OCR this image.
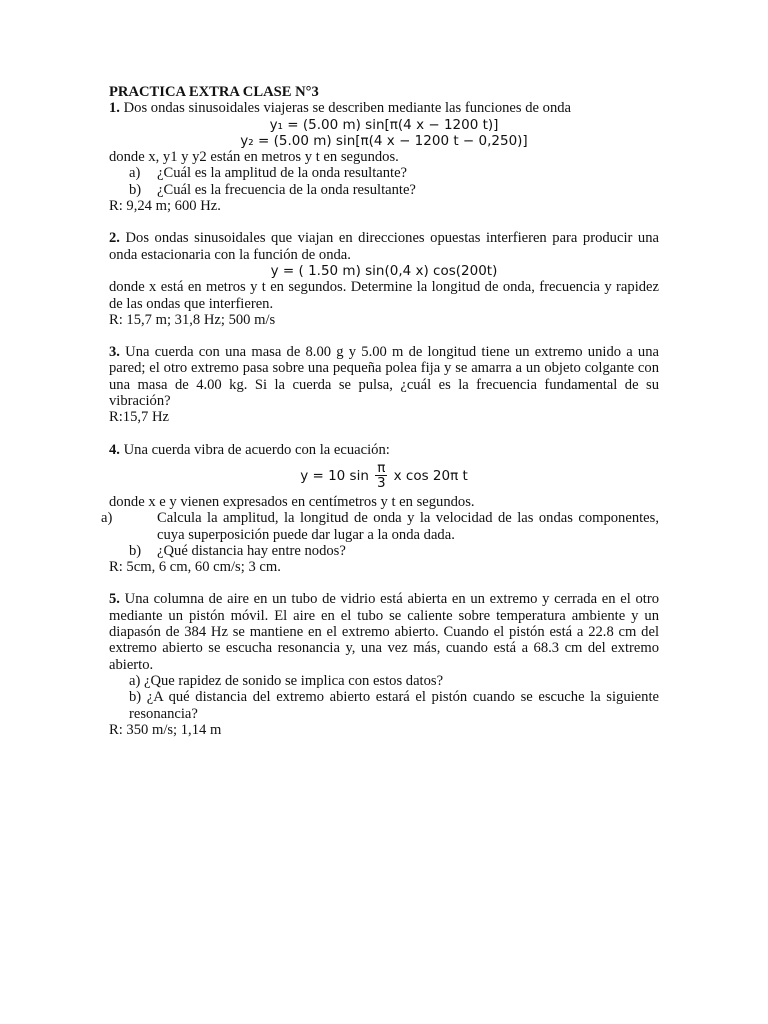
PRACTICA EXTRA CLASE N°3

1. Dos ondas sinusoidales viajeras se describen mediante las funciones de onda

y₁ = (5.00 m) sin[π(4 x − 1200 t)]

y₂ = (5.00 m) sin[π(4 x − 1200 t − 0,250)]

donde x, y1 y y2 están en metros y t en segundos.

a) ¿Cuál es la amplitud de la onda resultante?

b) ¿Cuál es la frecuencia de la onda resultante?

R: 9,24 m; 600 Hz.

2. Dos ondas sinusoidales que viajan en direcciones opuestas interfieren para producir una onda estacionaria con la función de onda.

y = ( 1.50 m) sin(0,4 x) cos(200t)

donde x está en metros y t en segundos. Determine la longitud de onda, frecuencia y rapidez de las ondas que interfieren.

R: 15,7 m; 31,8 Hz; 500 m/s

3. Una cuerda con una masa de 8.00 g y 5.00 m de longitud tiene un extremo unido a una pared; el otro extremo pasa sobre una pequeña polea fija y se amarra a un objeto colgante con una masa de 4.00 kg. Si la cuerda se pulsa, ¿cuál es la frecuencia fundamental de su vibración?

R:15,7 Hz

4. Una cuerda vibra de acuerdo con la ecuación:

y = 10 $\sin \frac{\pi}{3}$ x cos 20π t

donde x e y vienen expresados en centímetros y t en segundos.

a)	Calcula la amplitud, la longitud de onda y la velocidad de las ondas componentes, cuya superposición puede dar lugar a la onda dada.

b) ¿Qué distancia hay entre nodos?

R: 5cm, 6 cm, 60 cm/s; 3 cm.

5. Una columna de aire en un tubo de vidrio está abierta en un extremo y cerrada en el otro mediante un pistón móvil. El aire en el tubo se caliente sobre temperatura ambiente y un diapasón de 384 Hz se mantiene en el extremo abierto. Cuando el pistón está a 22.8 cm del extremo abierto se escucha resonancia y, una vez más, cuando está a 68.3 cm del extremo abierto.

a) ¿Que rapidez de sonido se implica con estos datos?

b) ¿A qué distancia del extremo abierto estará el pistón cuando se escuche la siguiente resonancia?

R: 350 m/s; 1,14 m
